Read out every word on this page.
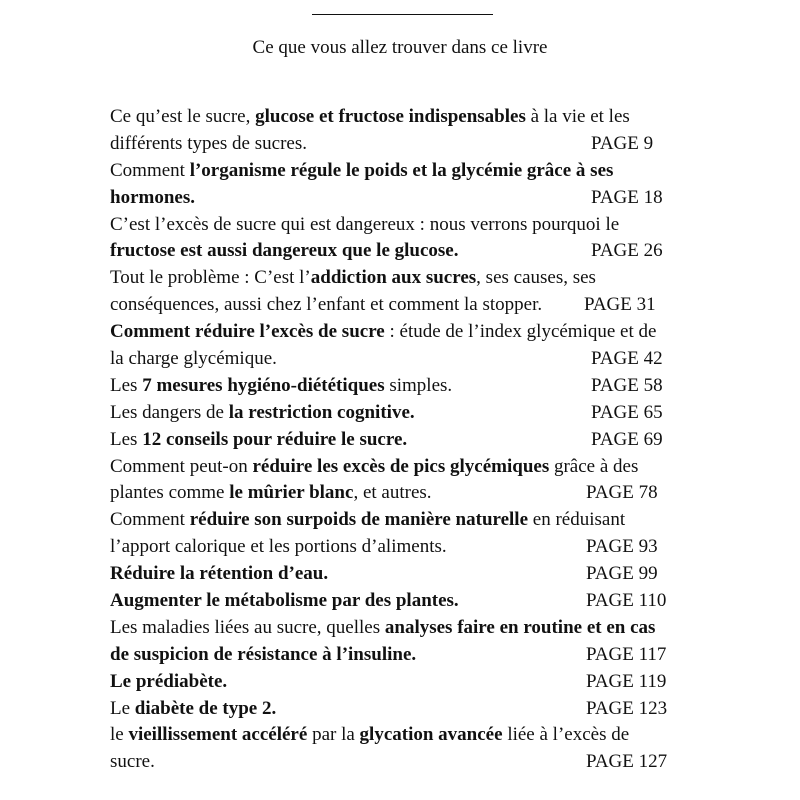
Ce que vous allez trouver dans ce livre
Ce qu’est le sucre, glucose et fructose indispensables à la vie et les
différents types de sucres.	PAGE 9
Comment l’organisme régule le poids et la glycémie grâce à ses
hormones.	PAGE 18
C’est l’excès de sucre qui est dangereux : nous verrons pourquoi le
fructose est aussi dangereux que le glucose.	PAGE 26
Tout le problème : C’est l’addiction aux sucres, ses causes, ses
conséquences, aussi chez l’enfant et comment la stopper. PAGE 31
Comment réduire l’excès de sucre : étude de l’index glycémique et de
la charge glycémique.	PAGE 42
Les 7 mesures hygiéno-diététiques simples.	PAGE 58
Les dangers de la restriction cognitive.	PAGE 65
Les 12 conseils pour réduire le sucre.	PAGE 69
Comment peut-on réduire les excès de pics glycémiques grâce à des
plantes comme le mûrier blanc, et autres.	PAGE 78
Comment réduire son surpoids de manière naturelle en réduisant
l’apport calorique et les portions d’aliments.	PAGE 93
Réduire la rétention d’eau.	PAGE 99
Augmenter le métabolisme par des plantes.	PAGE 110
Les maladies liées au sucre, quelles analyses faire en routine et en cas
de suspicion de résistance à l’insuline.	PAGE 117
Le prédiabète.	PAGE 119
Le diabète de type 2.	PAGE 123
le vieillissement accéléré par la glycation avancée liée à l’excès de
sucre.	PAGE 127
